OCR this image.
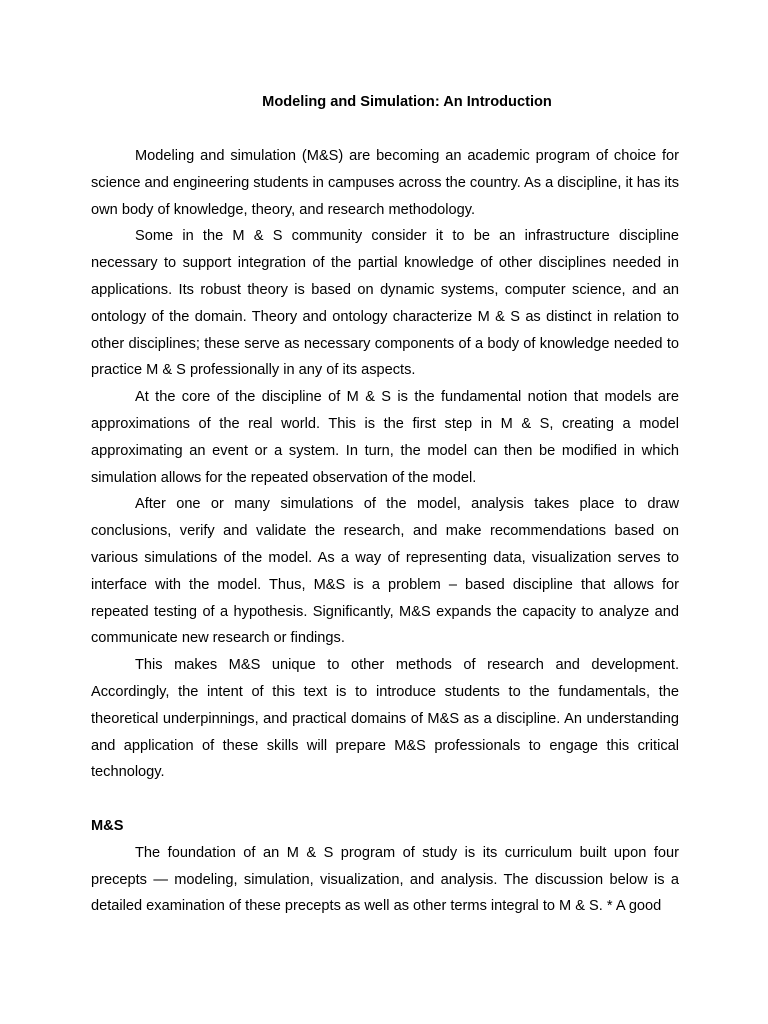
Modeling and Simulation: An Introduction

Modeling and simulation (M&S) are becoming an academic program of choice for science and engineering students in campuses across the country. As a discipline, it has its own body of knowledge, theory, and research methodology.

Some in the M & S community consider it to be an infrastructure discipline necessary to support integration of the partial knowledge of other disciplines needed in applications. Its robust theory is based on dynamic systems, computer science, and an ontology of the domain. Theory and ontology characterize M & S as distinct in relation to other disciplines; these serve as necessary components of a body of knowledge needed to practice M & S professionally in any of its aspects.

At the core of the discipline of M & S is the fundamental notion that models are approximations of the real world. This is the first step in M & S, creating a model approximating an event or a system. In turn, the model can then be modified in which simulation allows for the repeated observation of the model.

After one or many simulations of the model, analysis takes place to draw conclusions, verify and validate the research, and make recommendations based on various simulations of the model. As a way of representing data, visualization serves to interface with the model. Thus, M&S is a problem – based discipline that allows for repeated testing of a hypothesis. Significantly, M&S expands the capacity to analyze and communicate new research or findings.

This makes M&S unique to other methods of research and development. Accordingly, the intent of this text is to introduce students to the fundamentals, the theoretical underpinnings, and practical domains of M&S as a discipline. An understanding and application of these skills will prepare M&S professionals to engage this critical technology.

M&S

The foundation of an M & S program of study is its curriculum built upon four precepts — modeling, simulation, visualization, and analysis. The discussion below is a detailed examination of these precepts as well as other terms integral to M & S. * A good
